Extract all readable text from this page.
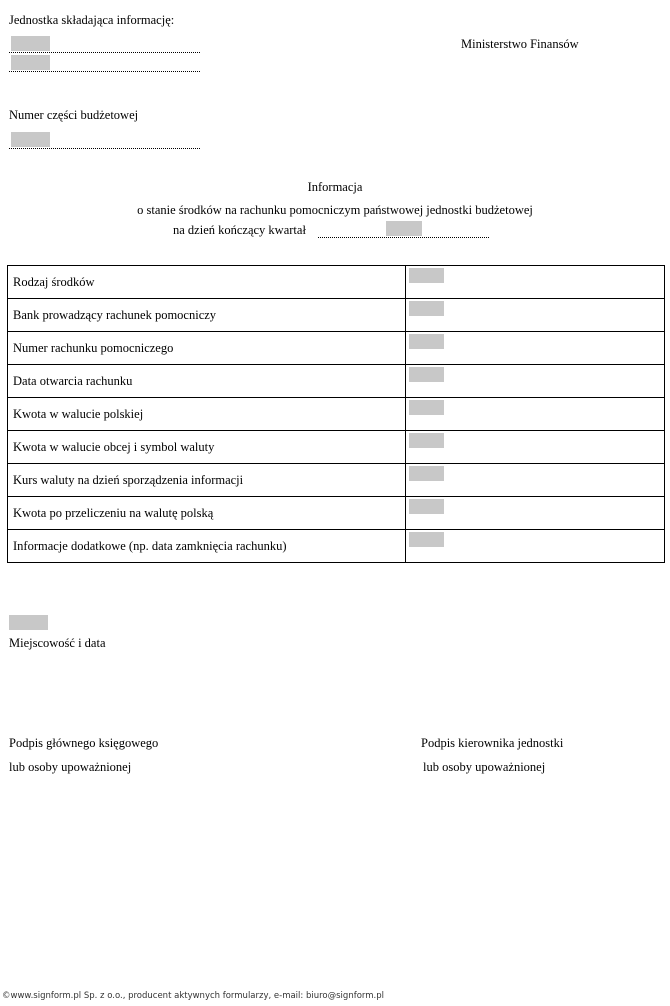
Jednostka składająca informację:
Ministerstwo Finansów
Numer części budżetowej
Informacja
o stanie środków na rachunku pomocniczym państwowej jednostki budżetowej
na dzień kończący kwartał
Rodzaj środków	

Bank prowadzący rachunek pomocniczy	

Numer rachunku pomocniczego	

Data otwarcia rachunku	

Kwota w walucie polskiej	

Kwota w walucie obcej i symbol waluty	

Kurs waluty na dzień sporządzenia informacji	

Kwota po przeliczeniu na walutę polską	

Informacje dodatkowe (np. data zamknięcia rachunku)	
Miejscowość i data
Podpis głównego księgowego
lub osoby upoważnionej
Podpis kierownika jednostki
lub osoby upoważnionej
©www.signform.pl Sp. z o.o., producent aktywnych formularzy, e-mail: biuro@signform.pl
